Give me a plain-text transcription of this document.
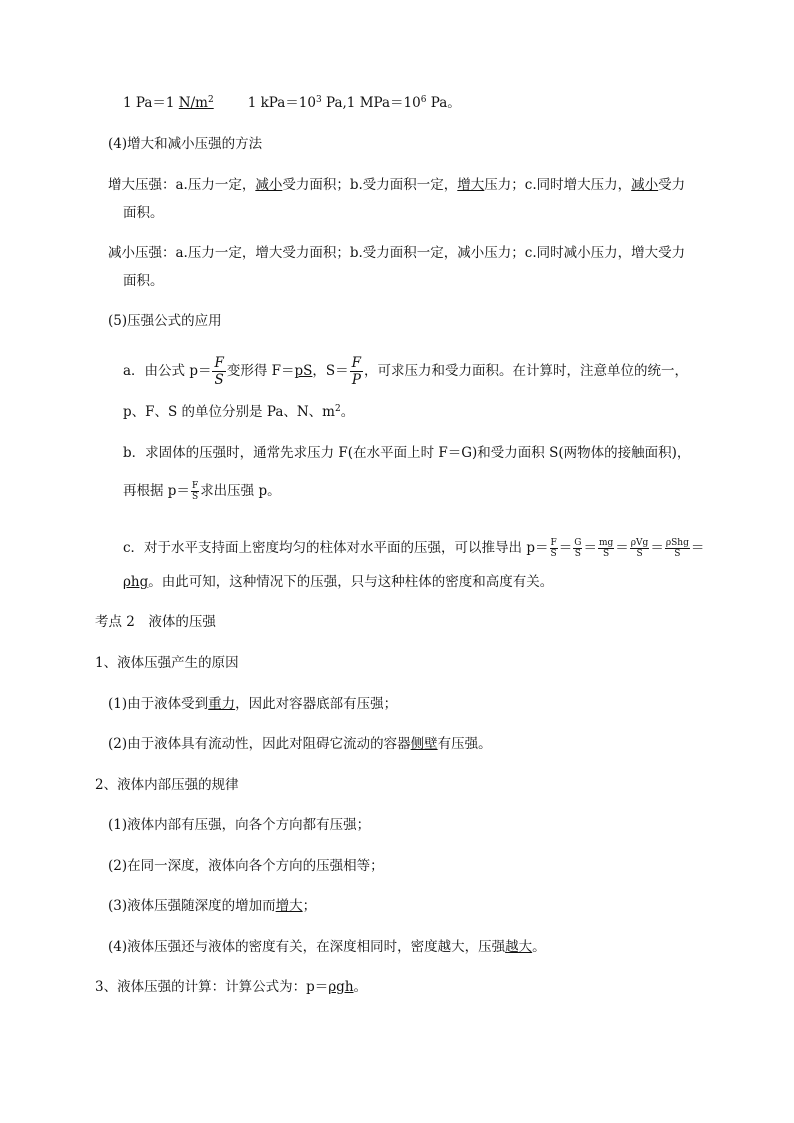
1 Pa＝1 $N/m^2$	1 $kPa=10^3$ Pa,1 $MPa=10^6$ Pa。
(4)增大和减小压强的方法
增大压强：a.压力一定，减小受力面积；b.受力面积一定，增大压力；c.同时增大压力，减小受力
面积。
减小压强：a.压力一定，增大受力面积；b.受力面积一定，减小压力；c.同时减小压力，增大受力
面积。
(5)压强公式的应用
a．由公式 $p= \frac{F}{S}$ 变形得 F＝pS，$S= \frac{F}{P}$ ，可求压力和受力面积。在计算时，注意单位的统一，
p、F、S 的单位分别是 Pa、N、$m^2$。
b．求固体的压强时，通常先求压力 F(在水平面上时 F＝G)和受力面积 S(两物体的接触面积)，
再根据 $p= \frac{F}{S}$ 求出压强 p。
c．对于水平支持面上密度均匀的柱体对水平面的压强，可以推导出 $p= \frac{F}{S} = \frac{G}{S} = \frac{mg}{S} = \frac{\text{ρVg}}{S} = \frac{\text{ρShg}}{S}$ ＝
ρhg。由此可知，这种情况下的压强，只与这种柱体的密度和高度有关。
考点 2　液体的压强
1、液体压强产生的原因
(1)由于液体受到重力，因此对容器底部有压强；
(2)由于液体具有流动性，因此对阻碍它流动的容器侧壁有压强。
2、液体内部压强的规律
(1)液体内部有压强，向各个方向都有压强；
(2)在同一深度，液体向各个方向的压强相等；
(3)液体压强随深度的增加而增大；
(4)液体压强还与液体的密度有关，在深度相同时，密度越大，压强越大。
3、液体压强的计算：计算公式为：p＝ρgh。
